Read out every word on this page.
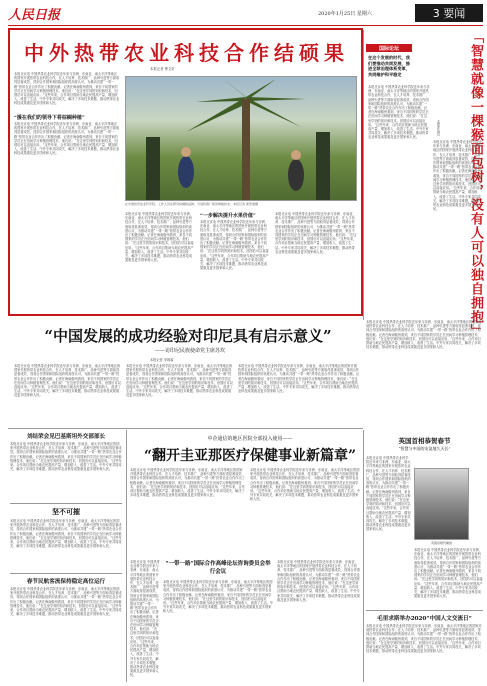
人民日报	2020年1月25日 星期六	3 要闻
中外热带农业科技合作结硕果
本报记者 曹文轩
本报北京电 中国热带农业科学院近年来与非洲、东南亚、南太平洋等地区的国家开展热带农业科技合作，在人才培养、技术推广、品种引进等方面取得显著成效，得到合作国家和国际组织的高度认可，为推动共建“一带一路”热带农业合作作出了积极贡献。记者在海南儋州看到，来自不同国家的学员正在田间学习种植管理技术，他们说：“在这里学到的知识和技术，回国后可以直接应用。”这些年来，合作项目帮助当地农民提高产量、增加收入，改善了生活。中外专家共同攻关，解决了多项技术难题，推动热带农业科技成果惠及更多国家和人民。
“援在我们的领导下将棕榈种植”
本报北京电 中国热带农业科学院近年来与非洲、东南亚、南太平洋等地区的国家开展热带农业科技合作，在人才培养、技术推广、品种引进等方面取得显著成效，得到合作国家和国际组织的高度认可，为推动共建“一带一路”热带农业合作作出了积极贡献。记者在海南儋州看到，来自不同国家的学员正在田间学习种植管理技术，他们说：“在这里学到的知识和技术，回国后可以直接应用。”这些年来，合作项目帮助当地农民提高产量、增加收入，改善了生活。中外专家共同攻关，解决了多项技术难题，推动热带农业科技成果惠及更多国家和人民。
在中国热带农业科学院，工作人员在研究棕榈树品种，引进和推广新的种植技术。本报记者 龚普康摄
本报北京电 中国热带农业科学院近年来与非洲、东南亚、南太平洋等地区的国家开展热带农业科技合作，在人才培养、技术推广、品种引进等方面取得显著成效，得到合作国家和国际组织的高度认可，为推动共建“一带一路”热带农业合作作出了积极贡献。记者在海南儋州看到，来自不同国家的学员正在田间学习种植管理技术，他们说：“在这里学到的知识和技术，回国后可以直接应用。”这些年来，合作项目帮助当地农民提高产量、增加收入，改善了生活。中外专家共同攻关，解决了多项技术难题，推动热带农业科技成果惠及更多国家和人民。
“一步解决提升水果价值”
本报北京电 中国热带农业科学院近年来与非洲、东南亚、南太平洋等地区的国家开展热带农业科技合作，在人才培养、技术推广、品种引进等方面取得显著成效，得到合作国家和国际组织的高度认可，为推动共建“一带一路”热带农业合作作出了积极贡献。记者在海南儋州看到，来自不同国家的学员正在田间学习种植管理技术，他们说：“在这里学到的知识和技术，回国后可以直接应用。”这些年来，合作项目帮助当地农民提高产量、增加收入，改善了生活。中外专家共同攻关，解决了多项技术难题，推动热带农业科技成果惠及更多国家和人民。
本报北京电 中国热带农业科学院近年来与非洲、东南亚、南太平洋等地区的国家开展热带农业科技合作，在人才培养、技术推广、品种引进等方面取得显著成效，得到合作国家和国际组织的高度认可，为推动共建“一带一路”热带农业合作作出了积极贡献。记者在海南儋州看到，来自不同国家的学员正在田间学习种植管理技术，他们说：“在这里学到的知识和技术，回国后可以直接应用。”这些年来，合作项目帮助当地农民提高产量、增加收入，改善了生活。中外专家共同攻关，解决了多项技术难题，推动热带农业科技成果惠及更多国家和人民。
国际论坛
在这个发展的时代，我们要推动共同发展，推进全球治理体系变革，共同维护和平稳定
本报北京电 中国热带农业科学院近年来与非洲、东南亚、南太平洋等地区的国家开展热带农业科技合作，在人才培养、技术推广、品种引进等方面取得显著成效，得到合作国家和国际组织的高度认可，为推动共建“一带一路”热带农业合作作出了积极贡献。记者在海南儋州看到，来自不同国家的学员正在田间学习种植管理技术，他们说：“在这里学到的知识和技术，回国后可以直接应用。”这些年来，合作项目帮助当地农民提高产量、增加收入，改善了生活。中外专家共同攻关，解决了多项技术难题，推动热带农业科技成果惠及更多国家和人民。
本报评论员	「智慧就像一棵猴面包树，没有人可以独自拥抱」
本报北京电 中国热带农业科学院近年来与非洲、东南亚、南太平洋等地区的国家开展热带农业科技合作，在人才培养、技术推广、品种引进等方面取得显著成效，得到合作国家和国际组织的高度认可，为推动共建“一带一路”热带农业合作作出了积极贡献。记者在海南儋州看到，来自不同国家的学员正在田间学习种植管理技术，他们说：“在这里学到的知识和技术，回国后可以直接应用。”这些年来，合作项目帮助当地农民提高产量、增加收入，改善了生活。中外专家共同攻关，解决了多项技术难题，推动热带农业科技成果惠及更多国家和人民。
本报北京电 中国热带农业科学院近年来与非洲、东南亚、南太平洋等地区的国家开展热带农业科技合作，在人才培养、技术推广、品种引进等方面取得显著成效，得到合作国家和国际组织的高度认可，为推动共建“一带一路”热带农业合作作出了积极贡献。记者在海南儋州看到，来自不同国家的学员正在田间学习种植管理技术，他们说：“在这里学到的知识和技术，回国后可以直接应用。”这些年来，合作项目帮助当地农民提高产量、增加收入，改善了生活。中外专家共同攻关，解决了多项技术难题，推动热带农业科技成果惠及更多国家和人民。
“中国发展的成功经验对印尼具有启示意义”
——访印尼民族使命党主席苏坎
本报记者 李姝睿
本报北京电 中国热带农业科学院近年来与非洲、东南亚、南太平洋等地区的国家开展热带农业科技合作，在人才培养、技术推广、品种引进等方面取得显著成效，得到合作国家和国际组织的高度认可，为推动共建“一带一路”热带农业合作作出了积极贡献。记者在海南儋州看到，来自不同国家的学员正在田间学习种植管理技术，他们说：“在这里学到的知识和技术，回国后可以直接应用。”这些年来，合作项目帮助当地农民提高产量、增加收入，改善了生活。中外专家共同攻关，解决了多项技术难题，推动热带农业科技成果惠及更多国家和人民。
本报北京电 中国热带农业科学院近年来与非洲、东南亚、南太平洋等地区的国家开展热带农业科技合作，在人才培养、技术推广、品种引进等方面取得显著成效，得到合作国家和国际组织的高度认可，为推动共建“一带一路”热带农业合作作出了积极贡献。记者在海南儋州看到，来自不同国家的学员正在田间学习种植管理技术，他们说：“在这里学到的知识和技术，回国后可以直接应用。”这些年来，合作项目帮助当地农民提高产量、增加收入，改善了生活。中外专家共同攻关，解决了多项技术难题，推动热带农业科技成果惠及更多国家和人民。
本报北京电 中国热带农业科学院近年来与非洲、东南亚、南太平洋等地区的国家开展热带农业科技合作，在人才培养、技术推广、品种引进等方面取得显著成效，得到合作国家和国际组织的高度认可，为推动共建“一带一路”热带农业合作作出了积极贡献。记者在海南儋州看到，来自不同国家的学员正在田间学习种植管理技术，他们说：“在这里学到的知识和技术，回国后可以直接应用。”这些年来，合作项目帮助当地农民提高产量、增加收入，改善了生活。中外专家共同攻关，解决了多项技术难题，推动热带农业科技成果惠及更多国家和人民。
刘结荣会见巴基斯坦外交部部长
本报北京电 中国热带农业科学院近年来与非洲、东南亚、南太平洋等地区的国家开展热带农业科技合作，在人才培养、技术推广、品种引进等方面取得显著成效，得到合作国家和国际组织的高度认可，为推动共建“一带一路”热带农业合作作出了积极贡献。记者在海南儋州看到，来自不同国家的学员正在田间学习种植管理技术，他们说：“在这里学到的知识和技术，回国后可以直接应用。”这些年来，合作项目帮助当地农民提高产量、增加收入，改善了生活。中外专家共同攻关，解决了多项技术难题，推动热带农业科技成果惠及更多国家和人民。
坚不可摧
本报北京电 中国热带农业科学院近年来与非洲、东南亚、南太平洋等地区的国家开展热带农业科技合作，在人才培养、技术推广、品种引进等方面取得显著成效，得到合作国家和国际组织的高度认可，为推动共建“一带一路”热带农业合作作出了积极贡献。记者在海南儋州看到，来自不同国家的学员正在田间学习种植管理技术，他们说：“在这里学到的知识和技术，回国后可以直接应用。”这些年来，合作项目帮助当地农民提高产量、增加收入，改善了生活。中外专家共同攻关，解决了多项技术难题，推动热带农业科技成果惠及更多国家和人民。
春节民航客流保持稳定高位运行
本报北京电 中国热带农业科学院近年来与非洲、东南亚、南太平洋等地区的国家开展热带农业科技合作，在人才培养、技术推广、品种引进等方面取得显著成效，得到合作国家和国际组织的高度认可，为推动共建“一带一路”热带农业合作作出了积极贡献。记者在海南儋州看到，来自不同国家的学员正在田间学习种植管理技术，他们说：“在这里学到的知识和技术，回国后可以直接应用。”这些年来，合作项目帮助当地农民提高产量、增加收入，改善了生活。中外专家共同攻关，解决了多项技术难题，推动热带农业科技成果惠及更多国家和人民。
中企通信的地区医院全部投入使用——
“翻开圭亚那医疗保健事业新篇章”
本报北京电 中国热带农业科学院近年来与非洲、东南亚、南太平洋等地区的国家开展热带农业科技合作，在人才培养、技术推广、品种引进等方面取得显著成效，得到合作国家和国际组织的高度认可，为推动共建“一带一路”热带农业合作作出了积极贡献。记者在海南儋州看到，来自不同国家的学员正在田间学习种植管理技术，他们说：“在这里学到的知识和技术，回国后可以直接应用。”这些年来，合作项目帮助当地农民提高产量、增加收入，改善了生活。中外专家共同攻关，解决了多项技术难题，推动热带农业科技成果惠及更多国家和人民。
本报北京电 中国热带农业科学院近年来与非洲、东南亚、南太平洋等地区的国家开展热带农业科技合作，在人才培养、技术推广、品种引进等方面取得显著成效，得到合作国家和国际组织的高度认可，为推动共建“一带一路”热带农业合作作出了积极贡献。记者在海南儋州看到，来自不同国家的学员正在田间学习种植管理技术，他们说：“在这里学到的知识和技术，回国后可以直接应用。”这些年来，合作项目帮助当地农民提高产量、增加收入，改善了生活。中外专家共同攻关，解决了多项技术难题，推动热带农业科技成果惠及更多国家和人民。
本报北京电 中国热带农业科学院近年来与非洲、东南亚、南太平洋等地区的国家开展热带农业科技合作，在人才培养、技术推广、品种引进等方面取得显著成效，得到合作国家和国际组织的高度认可，为推动共建“一带一路”热带农业合作作出了积极贡献。记者在海南儋州看到，来自不同国家的学员正在田间学习种植管理技术，他们说：“在这里学到的知识和技术，回国后可以直接应用。”这些年来，合作项目帮助当地农民提高产量、增加收入，改善了生活。中外专家共同攻关，解决了多项技术难题，推动热带农业科技成果惠及更多国家和人民。
“一带一路”国际合作高峰论坛咨询委员会举行会议
本报北京电 中国热带农业科学院近年来与非洲、东南亚、南太平洋等地区的国家开展热带农业科技合作，在人才培养、技术推广、品种引进等方面取得显著成效，得到合作国家和国际组织的高度认可，为推动共建“一带一路”热带农业合作作出了积极贡献。记者在海南儋州看到，来自不同国家的学员正在田间学习种植管理技术，他们说：“在这里学到的知识和技术，回国后可以直接应用。”这些年来，合作项目帮助当地农民提高产量、增加收入，改善了生活。中外专家共同攻关，解决了多项技术难题，推动热带农业科技成果惠及更多国家和人民。
本报北京电 中国热带农业科学院近年来与非洲、东南亚、南太平洋等地区的国家开展热带农业科技合作，在人才培养、技术推广、品种引进等方面取得显著成效，得到合作国家和国际组织的高度认可，为推动共建“一带一路”热带农业合作作出了积极贡献。记者在海南儋州看到，来自不同国家的学员正在田间学习种植管理技术，他们说：“在这里学到的知识和技术，回国后可以直接应用。”这些年来，合作项目帮助当地农民提高产量、增加收入，改善了生活。中外专家共同攻关，解决了多项技术难题，推动热带农业科技成果惠及更多国家和人民。
英国首相恭贺春节
“智慧与中国的友谊地久天长”
本报北京电 中国热带农业科学院近年来与非洲、东南亚、南太平洋等地区的国家开展热带农业科技合作，在人才培养、技术推广、品种引进等方面取得显著成效，得到合作国家和国际组织的高度认可，为推动共建“一带一路”热带农业合作作出了积极贡献。记者在海南儋州看到，来自不同国家的学员正在田间学习种植管理技术，他们说：“在这里学到的知识和技术，回国后可以直接应用。”这些年来，合作项目帮助当地农民提高产量、增加收入，改善了生活。中外专家共同攻关，解决了多项技术难题，推动热带农业科技成果惠及更多国家和人民。
英国首相约翰逊
本报北京电 中国热带农业科学院近年来与非洲、东南亚、南太平洋等地区的国家开展热带农业科技合作，在人才培养、技术推广、品种引进等方面取得显著成效，得到合作国家和国际组织的高度认可，为推动共建“一带一路”热带农业合作作出了积极贡献。记者在海南儋州看到，来自不同国家的学员正在田间学习种植管理技术，他们说：“在这里学到的知识和技术，回国后可以直接应用。”这些年来，合作项目帮助当地农民提高产量、增加收入，改善了生活。中外专家共同攻关，解决了多项技术难题，推动热带农业科技成果惠及更多国家和人民。
毛里求斯举办2020“中国人文交流日”
本报北京电 中国热带农业科学院近年来与非洲、东南亚、南太平洋等地区的国家开展热带农业科技合作，在人才培养、技术推广、品种引进等方面取得显著成效，得到合作国家和国际组织的高度认可，为推动共建“一带一路”热带农业合作作出了积极贡献。记者在海南儋州看到，来自不同国家的学员正在田间学习种植管理技术，他们说：“在这里学到的知识和技术，回国后可以直接应用。”这些年来，合作项目帮助当地农民提高产量、增加收入，改善了生活。中外专家共同攻关，解决了多项技术难题，推动热带农业科技成果惠及更多国家和人民。
